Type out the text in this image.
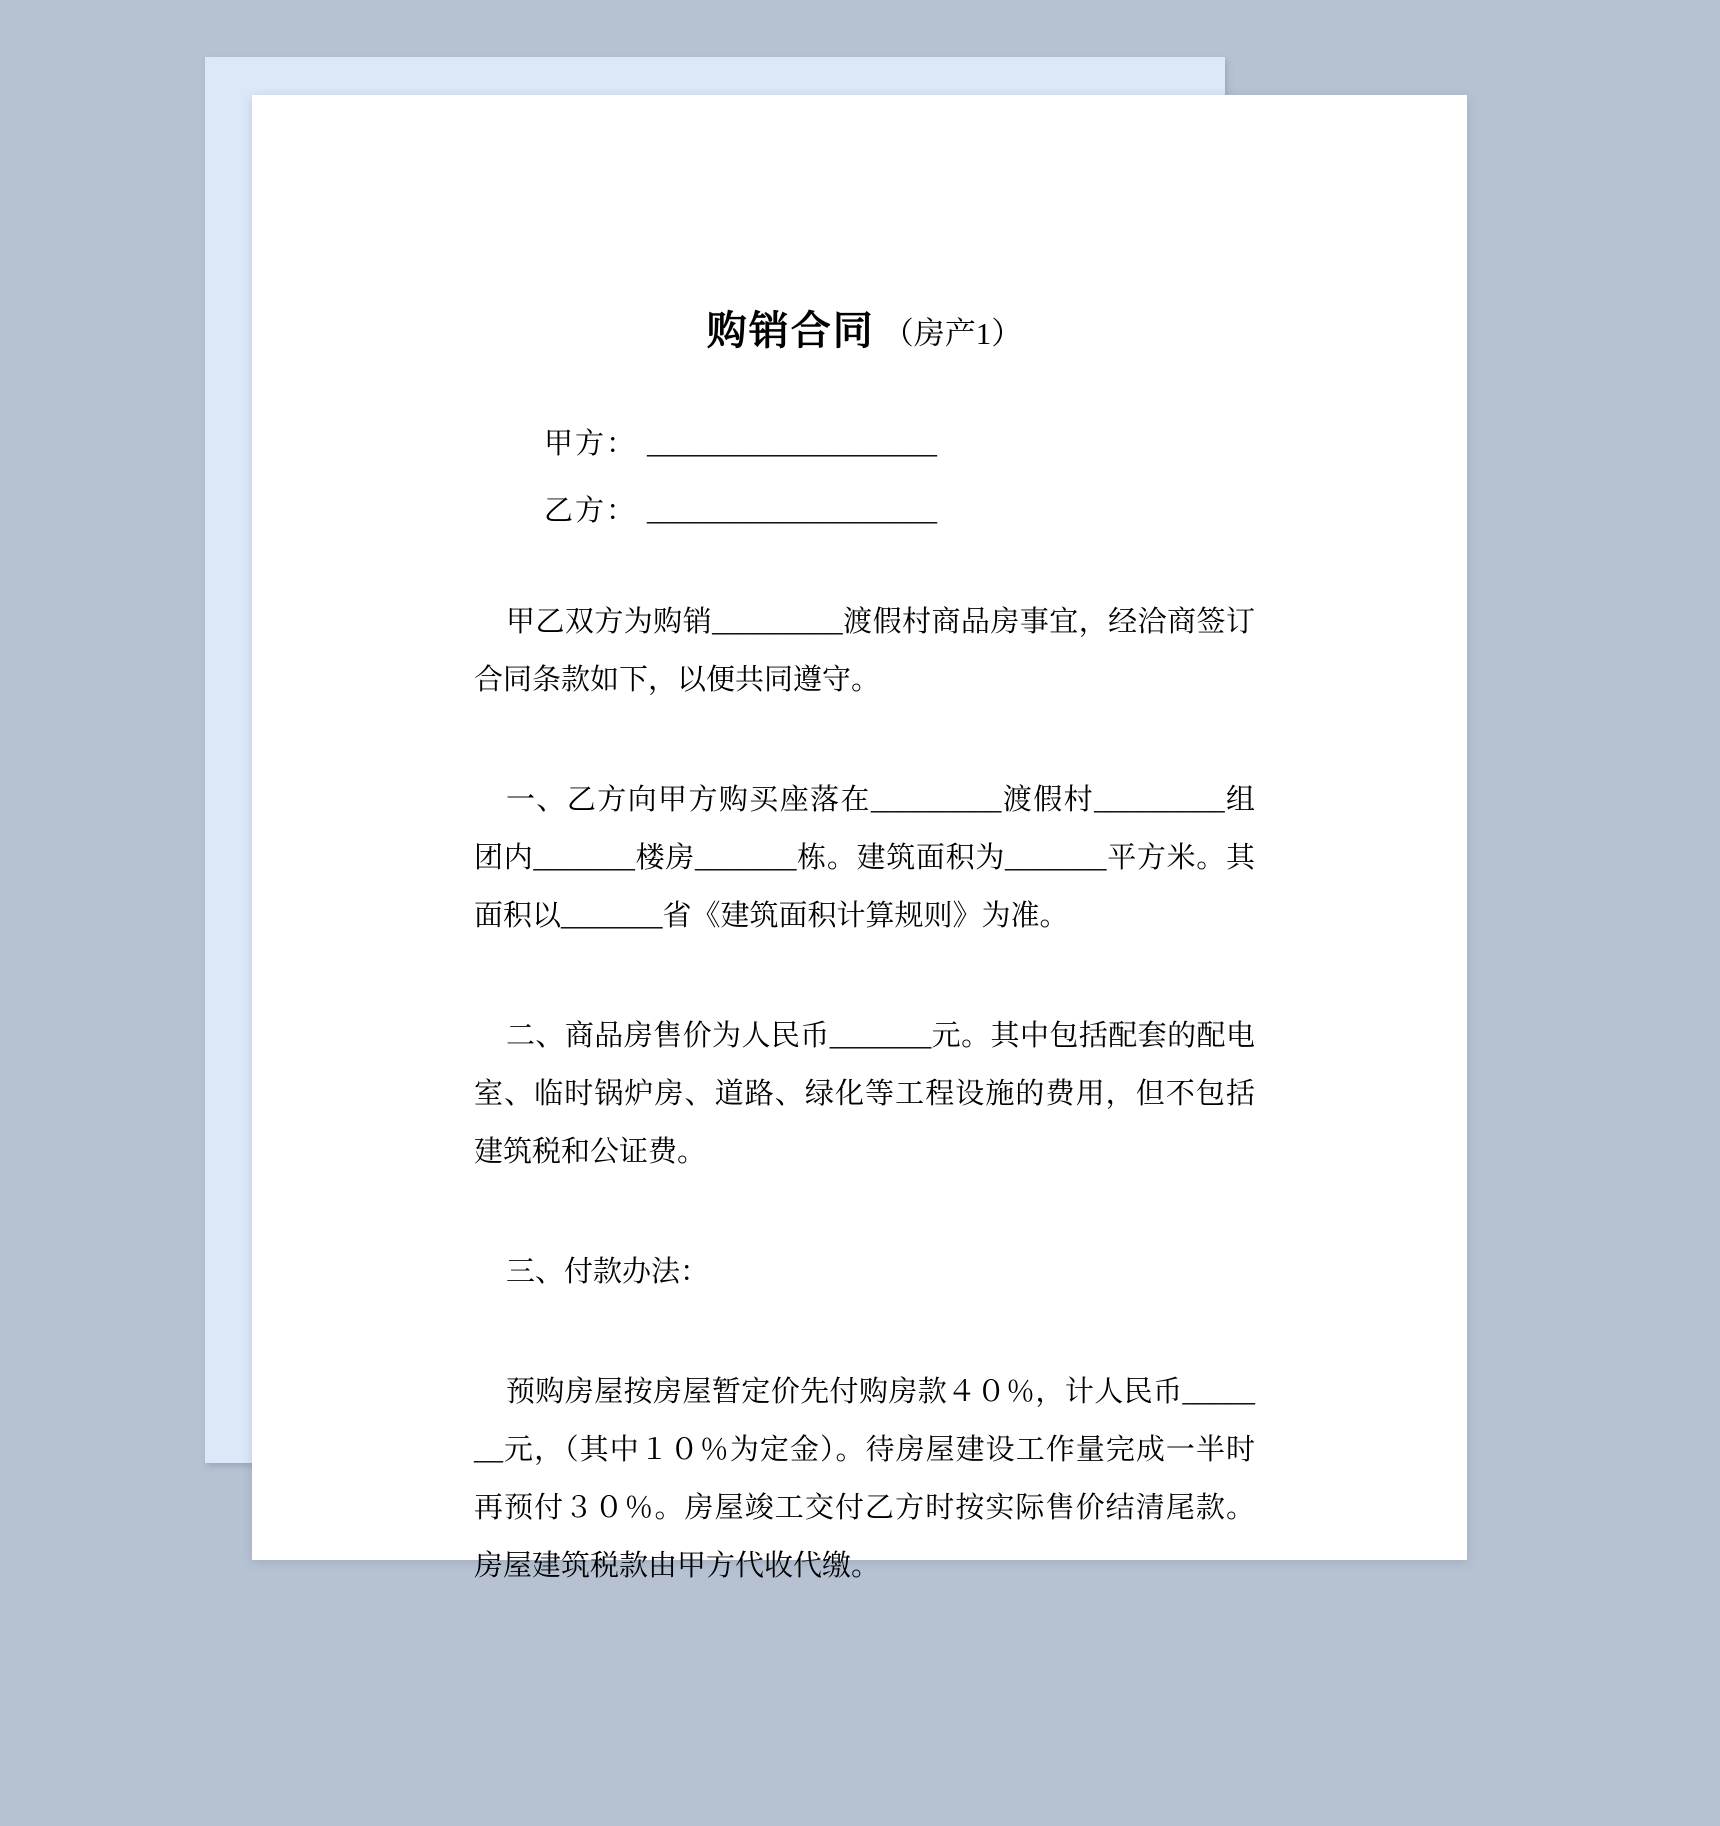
购销合同 （房产1）

甲方： ____________________

乙方： ____________________

甲乙双方为购销_________渡假村商品房事宜，经洽商签订合同条款如下，以便共同遵守。

一、乙方向甲方购买座落在_________渡假村_________组团内_______楼房_______栋。建筑面积为_______平方米。其面积以_______省《建筑面积计算规则》为准。

二、商品房售价为人民币_______元。其中包括配套的配电室、临时锅炉房、道路、绿化等工程设施的费用，但不包括建筑税和公证费。

三、付款办法：

预购房屋按房屋暂定价先付购房款４０％，计人民币_______元，（其中１０％为定金）。待房屋建设工作量完成一半时再预付３０％。房屋竣工交付乙方时按实际售价结清尾款。房屋建筑税款由甲方代收代缴。
